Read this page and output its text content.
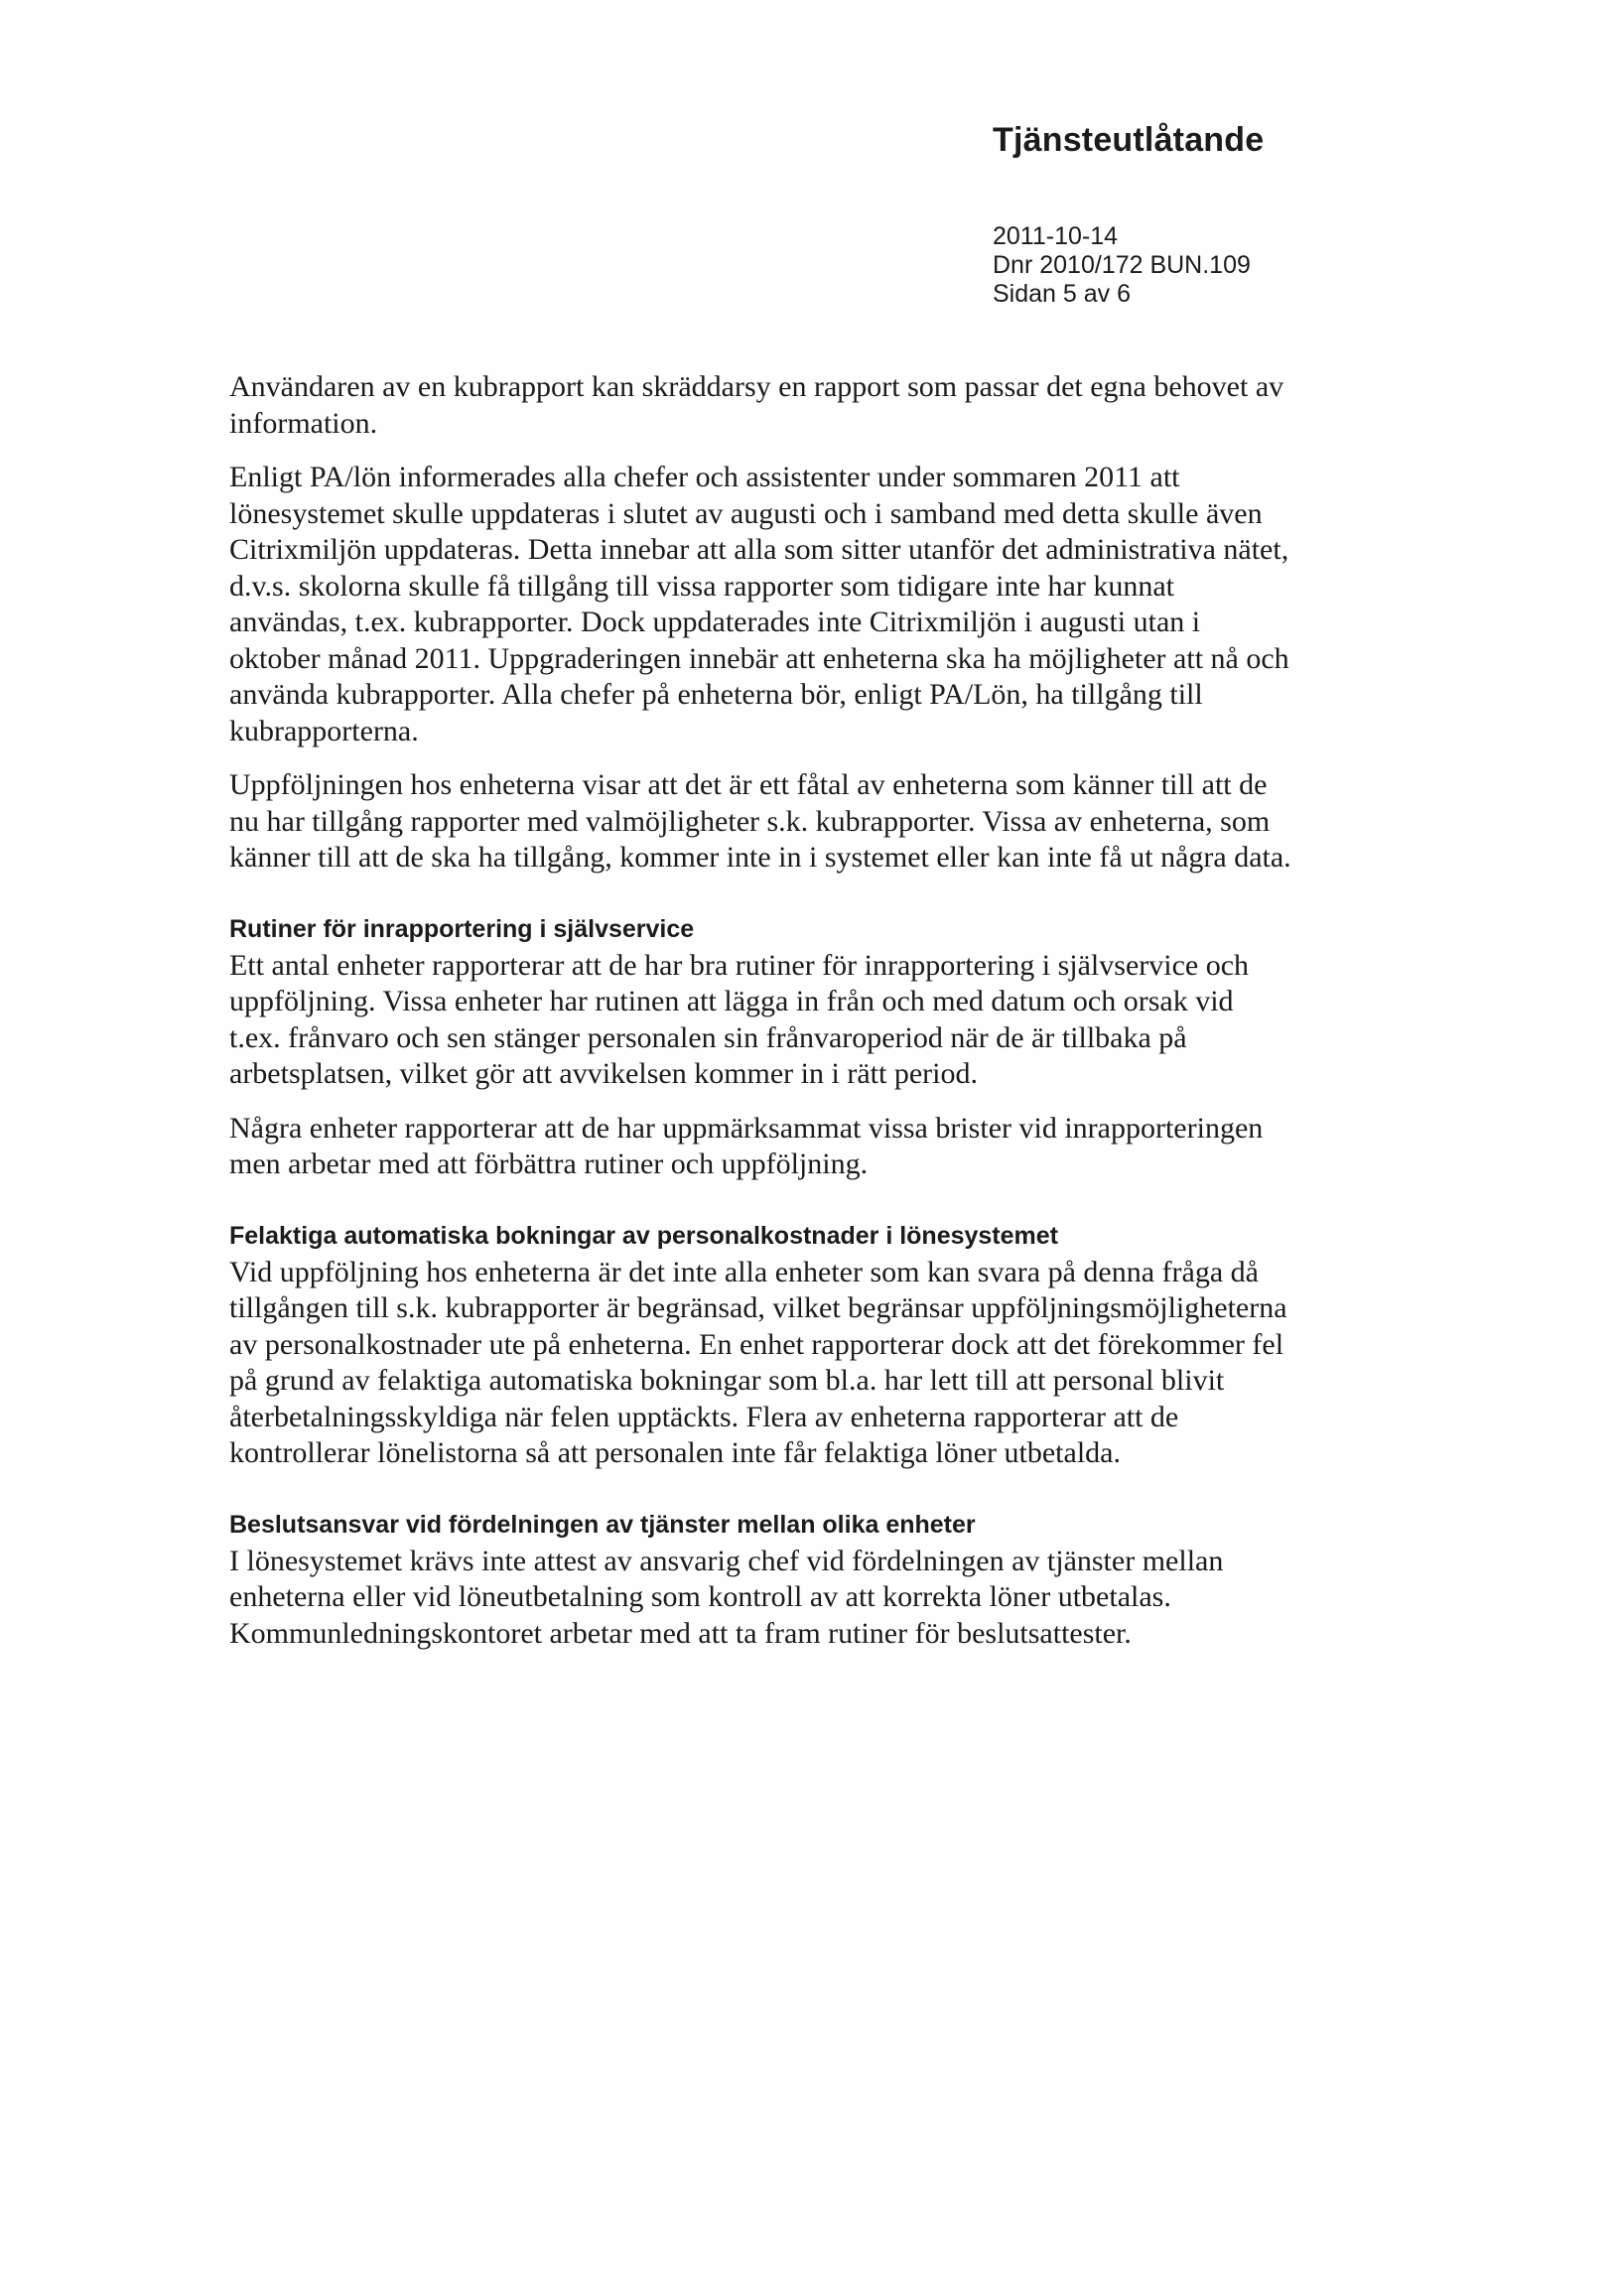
Tjänsteutlåtande
2011-10-14
Dnr 2010/172 BUN.109
Sidan 5 av 6

Användaren av en kubrapport kan skräddarsy en rapport som passar det egna behovet av information.

Enligt PA/lön informerades alla chefer och assistenter under sommaren 2011 att lönesystemet skulle uppdateras i slutet av augusti och i samband med detta skulle även Citrixmiljön uppdateras. Detta innebar att alla som sitter utanför det administrativa nätet, d.v.s. skolorna skulle få tillgång till vissa rapporter som tidigare inte har kunnat användas, t.ex. kubrapporter. Dock uppdaterades inte Citrixmiljön i augusti utan i oktober månad 2011. Uppgraderingen innebär att enheterna ska ha möjligheter att nå och använda kubrapporter. Alla chefer på enheterna bör, enligt PA/Lön, ha tillgång till kubrapporterna.

Uppföljningen hos enheterna visar att det är ett fåtal av enheterna som känner till att de nu har tillgång rapporter med valmöjligheter s.k. kubrapporter. Vissa av enheterna, som känner till att de ska ha tillgång, kommer inte in i systemet eller kan inte få ut några data.

Rutiner för inrapportering i självservice

Ett antal enheter rapporterar att de har bra rutiner för inrapportering i självservice och uppföljning. Vissa enheter har rutinen att lägga in från och med datum och orsak vid t.ex. frånvaro och sen stänger personalen sin frånvaroperiod när de är tillbaka på arbetsplatsen, vilket gör att avvikelsen kommer in i rätt period.

Några enheter rapporterar att de har uppmärksammat vissa brister vid inrapporteringen men arbetar med att förbättra rutiner och uppföljning.

Felaktiga automatiska bokningar av personalkostnader i lönesystemet

Vid uppföljning hos enheterna är det inte alla enheter som kan svara på denna fråga då tillgången till s.k. kubrapporter är begränsad, vilket begränsar uppföljningsmöjligheterna av personalkostnader ute på enheterna. En enhet rapporterar dock att det förekommer fel på grund av felaktiga automatiska bokningar som bl.a. har lett till att personal blivit återbetalningsskyldiga när felen upptäckts. Flera av enheterna rapporterar att de kontrollerar lönelistorna så att personalen inte får felaktiga löner utbetalda.

Beslutsansvar vid fördelningen av tjänster mellan olika enheter

I lönesystemet krävs inte attest av ansvarig chef vid fördelningen av tjänster mellan enheterna eller vid löneutbetalning som kontroll av att korrekta löner utbetalas. Kommunledningskontoret arbetar med att ta fram rutiner för beslutsattester.
